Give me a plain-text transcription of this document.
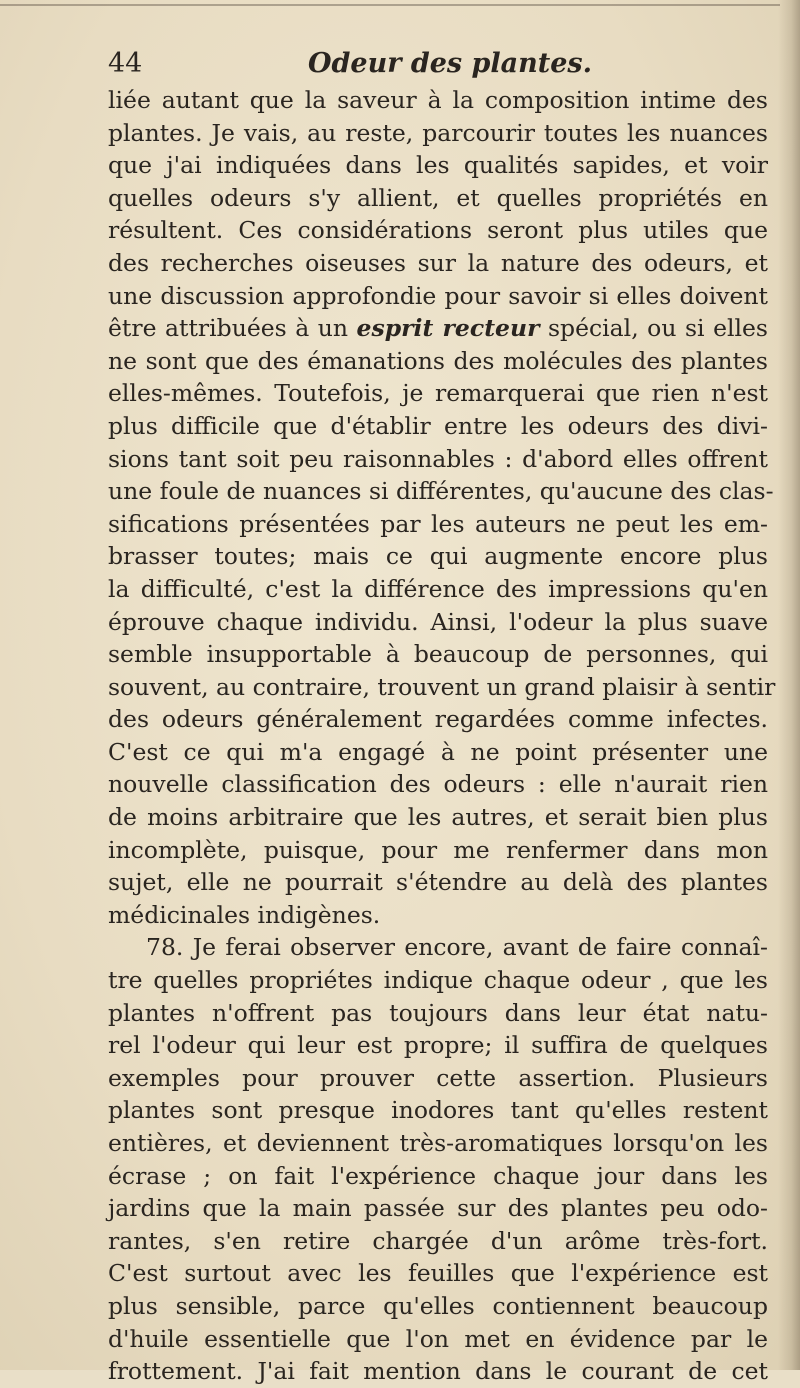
44	Odeur des plantes.
liée autant que la saveur à la composition intime des
plantes. Je vais, au reste, parcourir toutes les nuances
que j'ai indiquées dans les qualités sapides, et voir
quelles odeurs s'y allient, et quelles propriétés en
résultent. Ces considérations seront plus utiles que
des recherches oiseuses sur la nature des odeurs, et
une discussion approfondie pour savoir si elles doivent
être attribuées à un esprit recteur spécial, ou si elles
ne sont que des émanations des molécules des plantes
elles-mêmes. Toutefois, je remarquerai que rien n'est
plus difficile que d'établir entre les odeurs des divi-
sions tant soit peu raisonnables : d'abord elles offrent
une foule de nuances si différentes, qu'aucune des clas-
sifications présentées par les auteurs ne peut les em-
brasser toutes; mais ce qui augmente encore plus
la difficulté, c'est la différence des impressions qu'en
éprouve chaque individu. Ainsi, l'odeur la plus suave
semble insupportable à beaucoup de personnes, qui
souvent, au contraire, trouvent un grand plaisir à sentir
des odeurs généralement regardées comme infectes.
C'est ce qui m'a engagé à ne point présenter une
nouvelle classification des odeurs : elle n'aurait rien
de moins arbitraire que les autres, et serait bien plus
incomplète, puisque, pour me renfermer dans mon
sujet, elle ne pourrait s'étendre au delà des plantes
médicinales indigènes.
78. Je ferai observer encore, avant de faire connaî-
tre quelles propriétes indique chaque odeur , que les
plantes n'offrent pas toujours dans leur état natu-
rel l'odeur qui leur est propre; il suffira de quelques
exemples pour prouver cette assertion. Plusieurs
plantes sont presque inodores tant qu'elles restent
entières, et deviennent très-aromatiques lorsqu'on les
écrase ; on fait l'expérience chaque jour dans les
jardins que la main passée sur des plantes peu odo-
rantes, s'en retire chargée d'un arôme très-fort.
C'est surtout avec les feuilles que l'expérience est
plus sensible, parce qu'elles contiennent beaucoup
d'huile essentielle que l'on met en évidence par le
frottement. J'ai fait mention dans le courant de cet
